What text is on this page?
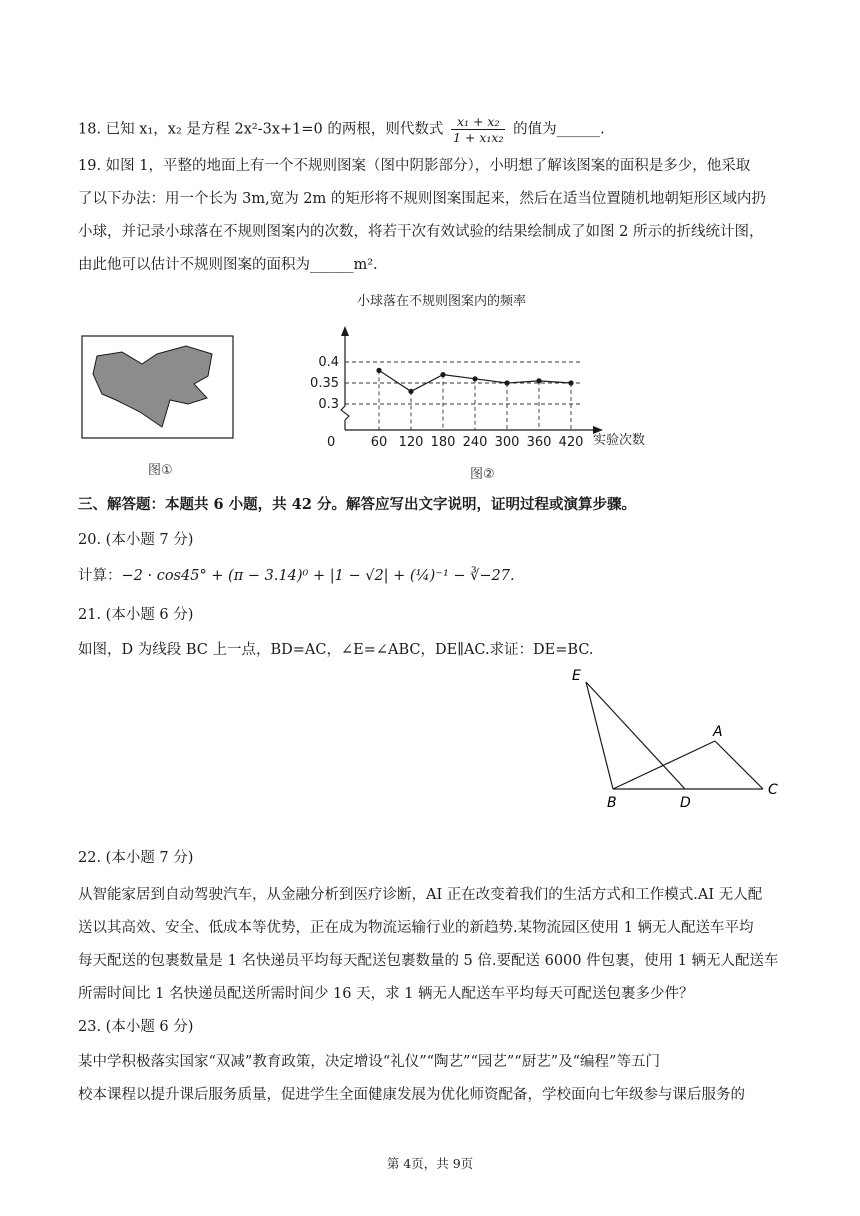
18. 已知 x₁，x₂ 是方程 2x²-3x+1=0 的两根，则代数式 $\frac{\text{x₁ + x₂}}{\text{1 + x₁x₂}}$ 的值为______.
19. 如图 1，平整的地面上有一个不规则图案（图中阴影部分），小明想了解该图案的面积是多少，他采取
了以下办法：用一个长为 3m,宽为 2m 的矩形将不规则图案围起来，然后在适当位置随机地朝矩形区域内扔
小球，并记录小球落在不规则图案内的次数，将若干次有效试验的结果绘制成了如图 2 所示的折线统计图，
由此他可以估计不规则图案的面积为______m².
图①
小球落在不规则图案内的频率
0	实验次数
0.4
0.35
0.3
60 120 180 240 300 360 420
图②
三、解答题：本题共 6 小题，共 42 分。解答应写出文字说明，证明过程或演算步骤。
20. (本小题 7 分)
计算：−2 · cos45° + (π − 3.14)⁰ + |1 − √2| + (¼)⁻¹ − ∛−27.
21. (本小题 6 分)
如图，D 为线段 BC 上一点，BD=AC，∠E=∠ABC，DE∥AC.求证：DE=BC.
E
A
B	D
C
22. (本小题 7 分)
从智能家居到自动驾驶汽车，从金融分析到医疗诊断，AI 正在改变着我们的生活方式和工作模式.AI 无人配
送以其高效、安全、低成本等优势，正在成为物流运输行业的新趋势.某物流园区使用 1 辆无人配送车平均
每天配送的包裹数量是 1 名快递员平均每天配送包裹数量的 5 倍.要配送 6000 件包裹，使用 1 辆无人配送车
所需时间比 1 名快递员配送所需时间少 16 天，求 1 辆无人配送车平均每天可配送包裹多少件？
23. (本小题 6 分)
某中学积极落实国家“双减”教育政策，决定增设“礼仪”“陶艺”“园艺”“厨艺”及“编程”等五门
校本课程以提升课后服务质量，促进学生全面健康发展为优化师资配备，学校面向七年级参与课后服务的
第 4页，共 9页
